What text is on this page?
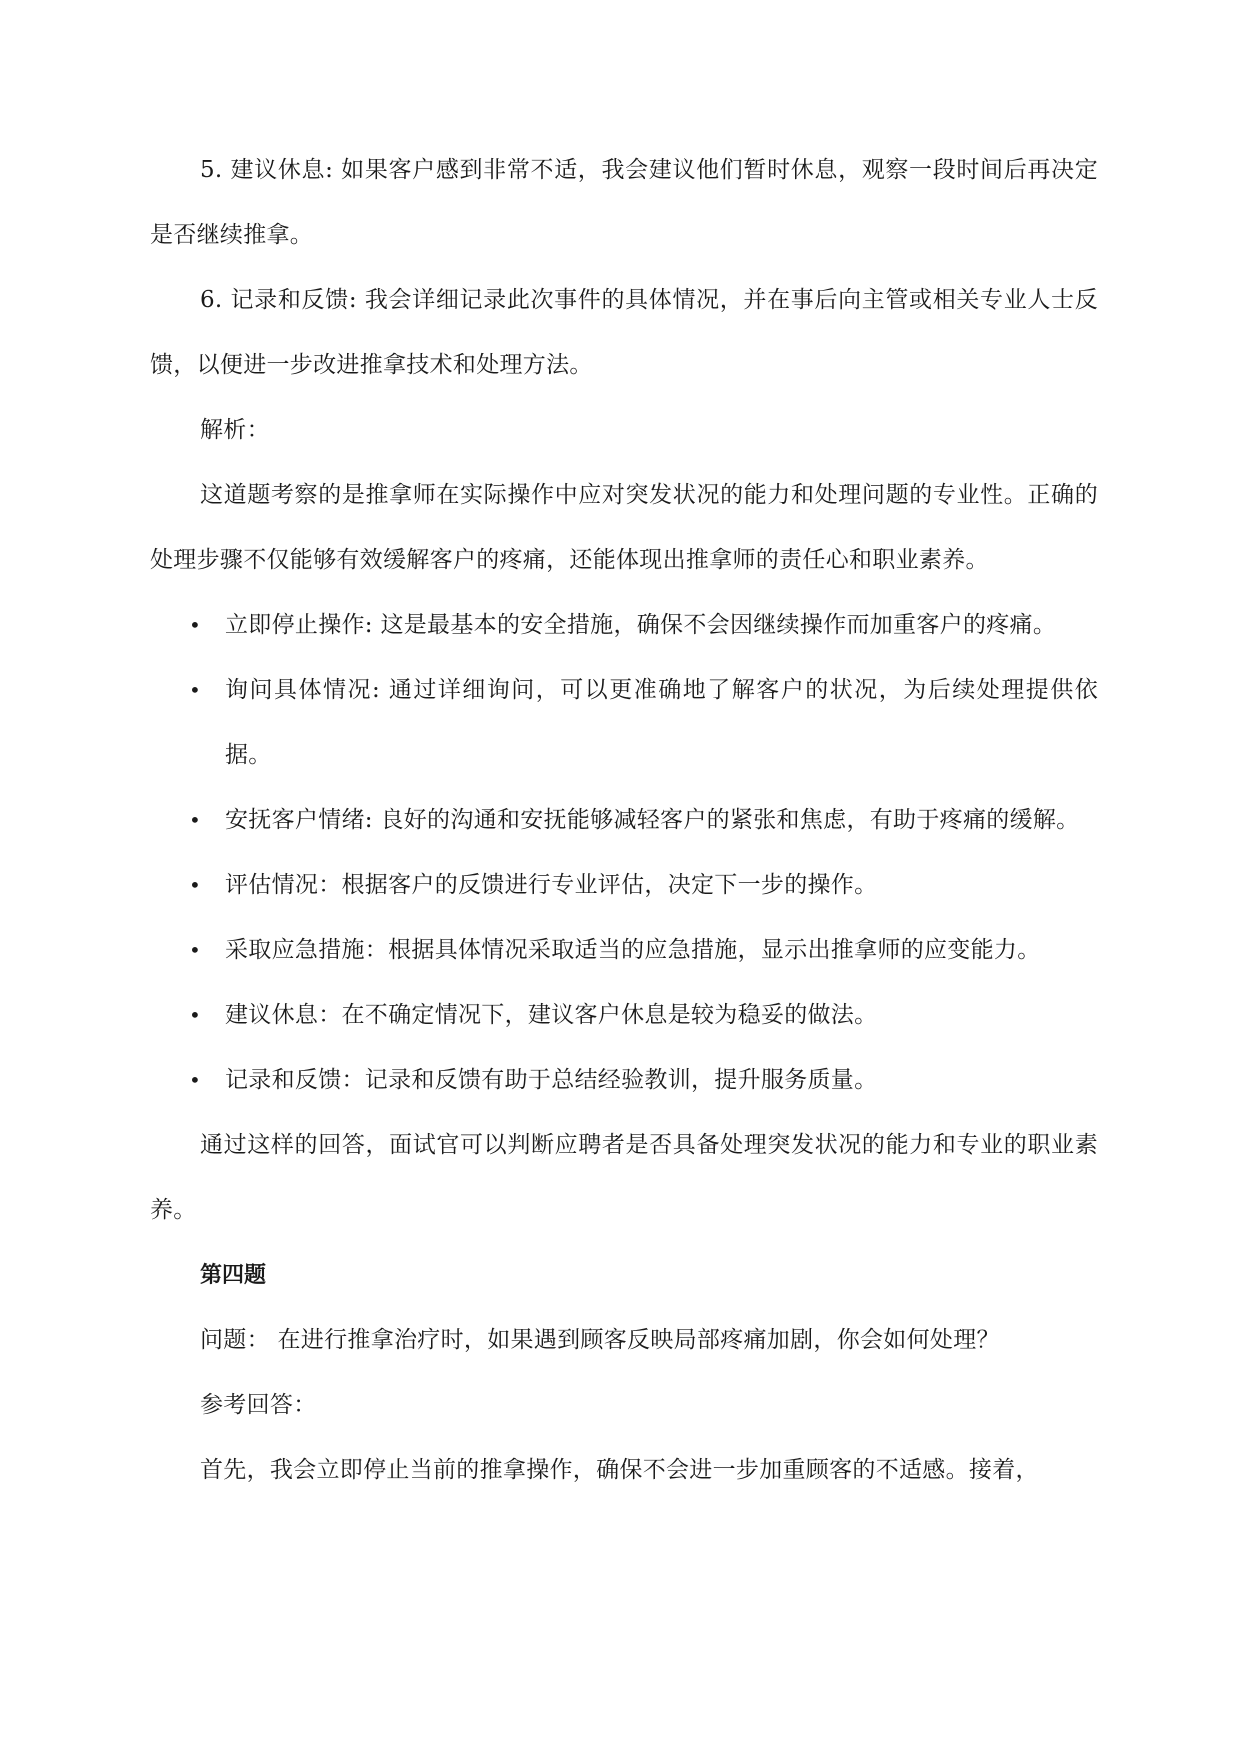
5. 建议休息: 如果客户感到非常不适，我会建议他们暂时休息，观察一段时间后再决定是否继续推拿。

6. 记录和反馈: 我会详细记录此次事件的具体情况，并在事后向主管或相关专业人士反馈，以便进一步改进推拿技术和处理方法。

解析：

这道题考察的是推拿师在实际操作中应对突发状况的能力和处理问题的专业性。正确的处理步骤不仅能够有效缓解客户的疼痛，还能体现出推拿师的责任心和职业素养。

• 立即停止操作: 这是最基本的安全措施，确保不会因继续操作而加重客户的疼痛。
• 询问具体情况: 通过详细询问，可以更准确地了解客户的状况，为后续处理提供依据。
• 安抚客户情绪: 良好的沟通和安抚能够减轻客户的紧张和焦虑，有助于疼痛的缓解。
• 评估情况：根据客户的反馈进行专业评估，决定下一步的操作。
• 采取应急措施：根据具体情况采取适当的应急措施，显示出推拿师的应变能力。
• 建议休息：在不确定情况下，建议客户休息是较为稳妥的做法。
• 记录和反馈：记录和反馈有助于总结经验教训，提升服务质量。

通过这样的回答，面试官可以判断应聘者是否具备处理突发状况的能力和专业的职业素养。

第四题

问题： 在进行推拿治疗时，如果遇到顾客反映局部疼痛加剧，你会如何处理？

参考回答：

首先，我会立即停止当前的推拿操作，确保不会进一步加重顾客的不适感。接着，
